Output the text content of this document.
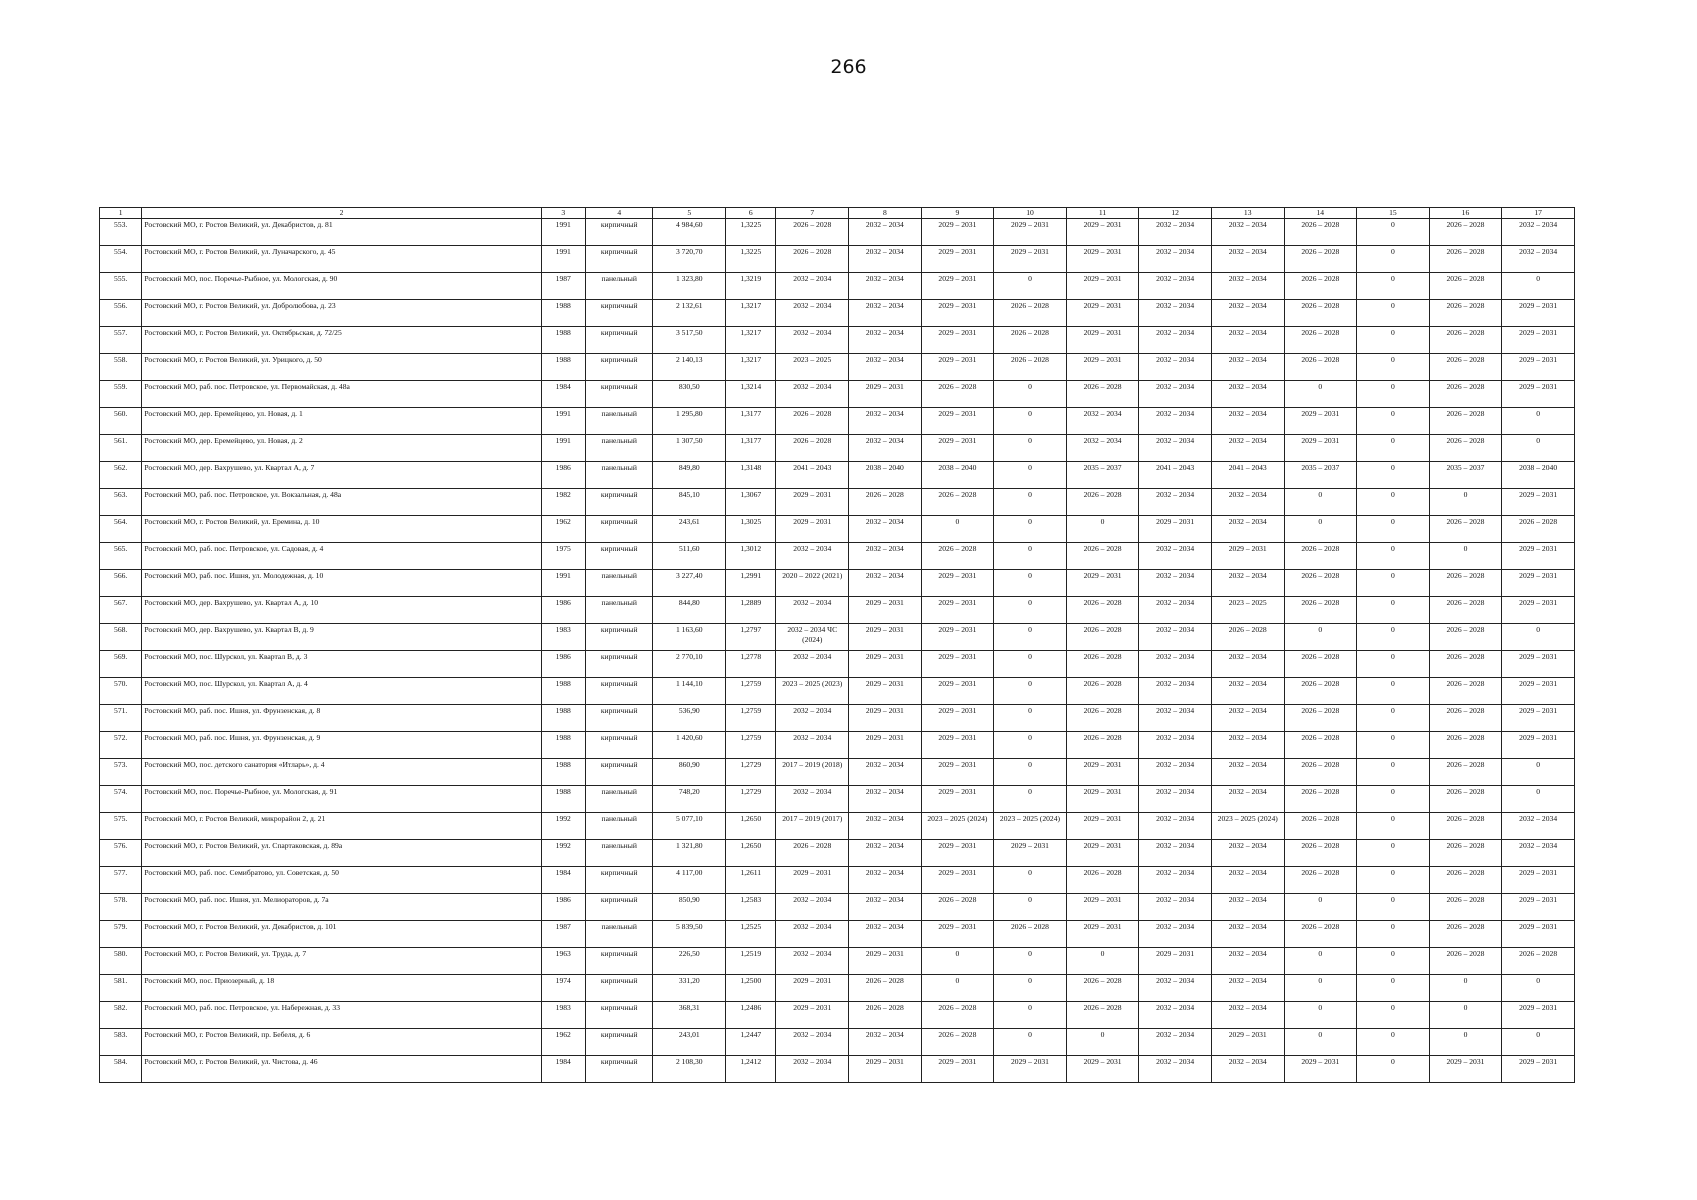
266
1	2	3	4	5	6	7	8	9	10	11	12	13	14	15	16	17
553.	Ростовский МО, г. Ростов Великий, ул. Декабристов, д. 81	1991	кирпичный	4 984,60	1,3225	2026 – 2028	2032 – 2034	2029 – 2031	2029 – 2031	2029 – 2031	2032 – 2034	2032 – 2034	2026 – 2028	0	2026 – 2028	2032 – 2034
554.	Ростовский МО, г. Ростов Великий, ул. Луначарского, д. 45	1991	кирпичный	3 720,70	1,3225	2026 – 2028	2032 – 2034	2029 – 2031	2029 – 2031	2029 – 2031	2032 – 2034	2032 – 2034	2026 – 2028	0	2026 – 2028	2032 – 2034
555.	Ростовский МО, пос. Поречье-Рыбное, ул. Мологская, д. 90	1987	панельный	1 323,80	1,3219	2032 – 2034	2032 – 2034	2029 – 2031	0	2029 – 2031	2032 – 2034	2032 – 2034	2026 – 2028	0	2026 – 2028	0
556.	Ростовский МО, г. Ростов Великий, ул. Добролюбова, д. 23	1988	кирпичный	2 132,61	1,3217	2032 – 2034	2032 – 2034	2029 – 2031	2026 – 2028	2029 – 2031	2032 – 2034	2032 – 2034	2026 – 2028	0	2026 – 2028	2029 – 2031
557.	Ростовский МО, г. Ростов Великий, ул. Октябрьская, д. 72/25	1988	кирпичный	3 517,50	1,3217	2032 – 2034	2032 – 2034	2029 – 2031	2026 – 2028	2029 – 2031	2032 – 2034	2032 – 2034	2026 – 2028	0	2026 – 2028	2029 – 2031
558.	Ростовский МО, г. Ростов Великий, ул. Урицкого, д. 50	1988	кирпичный	2 140,13	1,3217	2023 – 2025	2032 – 2034	2029 – 2031	2026 – 2028	2029 – 2031	2032 – 2034	2032 – 2034	2026 – 2028	0	2026 – 2028	2029 – 2031
559.	Ростовский МО, раб. пос. Петровское, ул. Первомайская, д. 48а	1984	кирпичный	830,50	1,3214	2032 – 2034	2029 – 2031	2026 – 2028	0	2026 – 2028	2032 – 2034	2032 – 2034	0	0	2026 – 2028	2029 – 2031
560.	Ростовский МО, дер. Еремейцево, ул. Новая, д. 1	1991	панельный	1 295,80	1,3177	2026 – 2028	2032 – 2034	2029 – 2031	0	2032 – 2034	2032 – 2034	2032 – 2034	2029 – 2031	0	2026 – 2028	0
561.	Ростовский МО, дер. Еремейцево, ул. Новая, д. 2	1991	панельный	1 307,50	1,3177	2026 – 2028	2032 – 2034	2029 – 2031	0	2032 – 2034	2032 – 2034	2032 – 2034	2029 – 2031	0	2026 – 2028	0
562.	Ростовский МО, дер. Вахрушево, ул. Квартал А, д. 7	1986	панельный	849,80	1,3148	2041 – 2043	2038 – 2040	2038 – 2040	0	2035 – 2037	2041 – 2043	2041 – 2043	2035 – 2037	0	2035 – 2037	2038 – 2040
563.	Ростовский МО, раб. пос. Петровское, ул. Вокзальная, д. 48а	1982	кирпичный	845,10	1,3067	2029 – 2031	2026 – 2028	2026 – 2028	0	2026 – 2028	2032 – 2034	2032 – 2034	0	0	0	2029 – 2031
564.	Ростовский МО, г. Ростов Великий, ул. Еремина, д. 10	1962	кирпичный	243,61	1,3025	2029 – 2031	2032 – 2034	0	0	0	2029 – 2031	2032 – 2034	0	0	2026 – 2028	2026 – 2028
565.	Ростовский МО, раб. пос. Петровское, ул. Садовая, д. 4	1975	кирпичный	511,60	1,3012	2032 – 2034	2032 – 2034	2026 – 2028	0	2026 – 2028	2032 – 2034	2029 – 2031	2026 – 2028	0	0	2029 – 2031
566.	Ростовский МО, раб. пос. Ишня, ул. Молодежная, д. 10	1991	панельный	3 227,40	1,2991	2020 – 2022 (2021)	2032 – 2034	2029 – 2031	0	2029 – 2031	2032 – 2034	2032 – 2034	2026 – 2028	0	2026 – 2028	2029 – 2031
567.	Ростовский МО, дер. Вахрушево, ул. Квартал А, д. 10	1986	панельный	844,80	1,2889	2032 – 2034	2029 – 2031	2029 – 2031	0	2026 – 2028	2032 – 2034	2023 – 2025	2026 – 2028	0	2026 – 2028	2029 – 2031
568.	Ростовский МО, дер. Вахрушево, ул. Квартал В, д. 9	1983	кирпичный	1 163,60	1,2797	2032 – 2034 ЧС (2024)	2029 – 2031	2029 – 2031	0	2026 – 2028	2032 – 2034	2026 – 2028	0	0	2026 – 2028	0
569.	Ростовский МО, пос. Шурскол, ул. Квартал В, д. 3	1986	кирпичный	2 770,10	1,2778	2032 – 2034	2029 – 2031	2029 – 2031	0	2026 – 2028	2032 – 2034	2032 – 2034	2026 – 2028	0	2026 – 2028	2029 – 2031
570.	Ростовский МО, пос. Шурскол, ул. Квартал А, д. 4	1988	кирпичный	1 144,10	1,2759	2023 – 2025 (2023)	2029 – 2031	2029 – 2031	0	2026 – 2028	2032 – 2034	2032 – 2034	2026 – 2028	0	2026 – 2028	2029 – 2031
571.	Ростовский МО, раб. пос. Ишня, ул. Фрунзенская, д. 8	1988	кирпичный	536,90	1,2759	2032 – 2034	2029 – 2031	2029 – 2031	0	2026 – 2028	2032 – 2034	2032 – 2034	2026 – 2028	0	2026 – 2028	2029 – 2031
572.	Ростовский МО, раб. пос. Ишня, ул. Фрунзенская, д. 9	1988	кирпичный	1 420,60	1,2759	2032 – 2034	2029 – 2031	2029 – 2031	0	2026 – 2028	2032 – 2034	2032 – 2034	2026 – 2028	0	2026 – 2028	2029 – 2031
573.	Ростовский МО, пос. детского санатория «Итларь», д. 4	1988	кирпичный	860,90	1,2729	2017 – 2019 (2018)	2032 – 2034	2029 – 2031	0	2029 – 2031	2032 – 2034	2032 – 2034	2026 – 2028	0	2026 – 2028	0
574.	Ростовский МО, пос. Поречье-Рыбное, ул. Мологская, д. 91	1988	панельный	748,20	1,2729	2032 – 2034	2032 – 2034	2029 – 2031	0	2029 – 2031	2032 – 2034	2032 – 2034	2026 – 2028	0	2026 – 2028	0
575.	Ростовский МО, г. Ростов Великий, микрорайон 2, д. 21	1992	панельный	5 077,10	1,2650	2017 – 2019 (2017)	2032 – 2034	2023 – 2025 (2024)	2023 – 2025 (2024)	2029 – 2031	2032 – 2034	2023 – 2025 (2024)	2026 – 2028	0	2026 – 2028	2032 – 2034
576.	Ростовский МО, г. Ростов Великий, ул. Спартаковская, д. 89а	1992	панельный	1 321,80	1,2650	2026 – 2028	2032 – 2034	2029 – 2031	2029 – 2031	2029 – 2031	2032 – 2034	2032 – 2034	2026 – 2028	0	2026 – 2028	2032 – 2034
577.	Ростовский МО, раб. пос. Семибратово, ул. Советская, д. 50	1984	кирпичный	4 117,00	1,2611	2029 – 2031	2032 – 2034	2029 – 2031	0	2026 – 2028	2032 – 2034	2032 – 2034	2026 – 2028	0	2026 – 2028	2029 – 2031
578.	Ростовский МО, раб. пос. Ишня, ул. Мелиораторов, д. 7а	1986	кирпичный	850,90	1,2583	2032 – 2034	2032 – 2034	2026 – 2028	0	2029 – 2031	2032 – 2034	2032 – 2034	0	0	2026 – 2028	2029 – 2031
579.	Ростовский МО, г. Ростов Великий, ул. Декабристов, д. 101	1987	панельный	5 839,50	1,2525	2032 – 2034	2032 – 2034	2029 – 2031	2026 – 2028	2029 – 2031	2032 – 2034	2032 – 2034	2026 – 2028	0	2026 – 2028	2029 – 2031
580.	Ростовский МО, г. Ростов Великий, ул. Труда, д. 7	1963	кирпичный	226,50	1,2519	2032 – 2034	2029 – 2031	0	0	0	2029 – 2031	2032 – 2034	0	0	2026 – 2028	2026 – 2028
581.	Ростовский МО, пос. Приозерный, д. 18	1974	кирпичный	331,20	1,2500	2029 – 2031	2026 – 2028	0	0	2026 – 2028	2032 – 2034	2032 – 2034	0	0	0	0
582.	Ростовский МО, раб. пос. Петровское, ул. Набережная, д. 33	1983	кирпичный	368,31	1,2486	2029 – 2031	2026 – 2028	2026 – 2028	0	2026 – 2028	2032 – 2034	2032 – 2034	0	0	0	2029 – 2031
583.	Ростовский МО, г. Ростов Великий, пр. Бебеля, д. 6	1962	кирпичный	243,01	1,2447	2032 – 2034	2032 – 2034	2026 – 2028	0	0	2032 – 2034	2029 – 2031	0	0	0	0
584.	Ростовский МО, г. Ростов Великий, ул. Чистова, д. 46	1984	кирпичный	2 108,30	1,2412	2032 – 2034	2029 – 2031	2029 – 2031	2029 – 2031	2029 – 2031	2032 – 2034	2032 – 2034	2029 – 2031	0	2029 – 2031	2029 – 2031
